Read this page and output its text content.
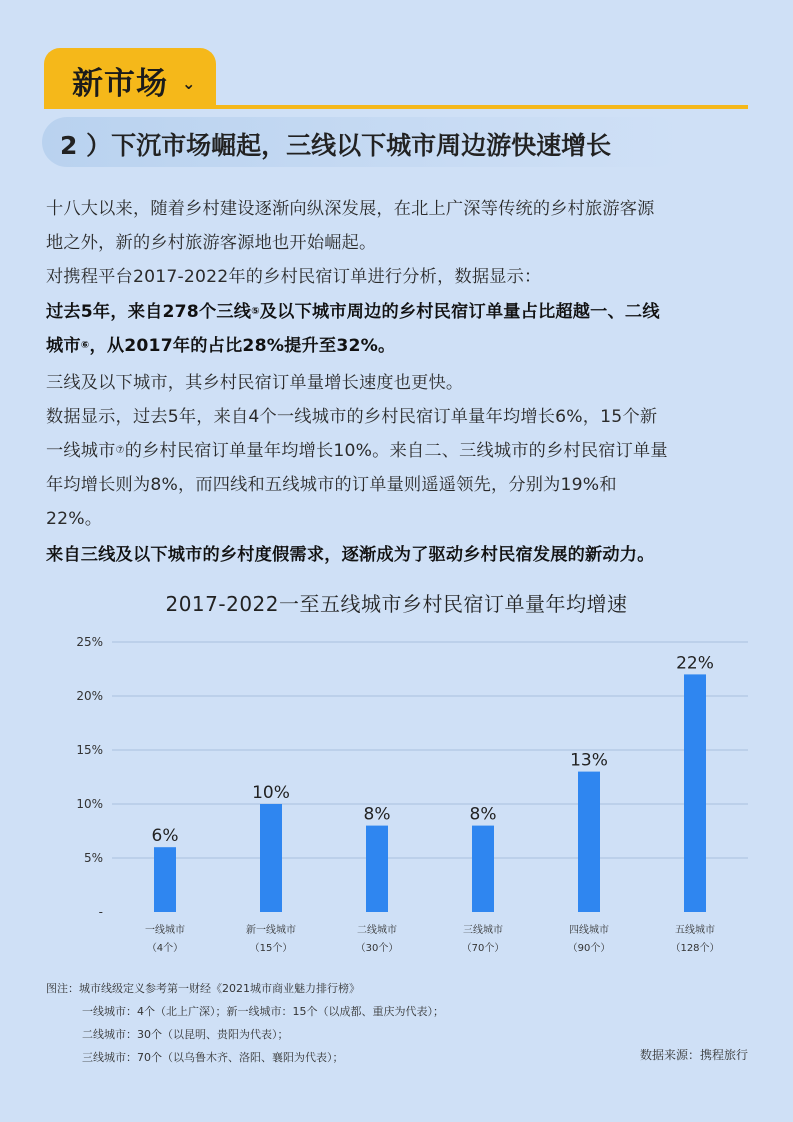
新市场 ⌄
2 ）下沉市场崛起，三线以下城市周边游快速增长
十八大以来，随着乡村建设逐渐向纵深发展，在北上广深等传统的乡村旅游客源
地之外，新的乡村旅游客源地也开始崛起。
对携程平台2017-2022年的乡村民宿订单进行分析，数据显示：
过去5年，来自278个三线⑤及以下城市周边的乡村民宿订单量占比超越一、二线
城市⑥，从2017年的占比28%提升至32%。
三线及以下城市，其乡村民宿订单量增长速度也更快。
数据显示，过去5年，来自4个一线城市的乡村民宿订单量年均增长6%，15个新
一线城市⑦的乡村民宿订单量年均增长10%。来自二、三线城市的乡村民宿订单量
年均增长则为8%，而四线和五线城市的订单量则遥遥领先，分别为19%和
22%。
来自三线及以下城市的乡村度假需求，逐渐成为了驱动乡村民宿发展的新动力。
2017-2022一至五线城市乡村民宿订单量年均增速
-
5%
10%
15%
20%
25%
6%
一线城市
（4个）
10%
新一线城市
（15个）
8%
二线城市
（30个）
8%
三线城市
（70个）
13%
四线城市
（90个）
22%
五线城市
（128个）
图注：城市线级定义参考第一财经《2021城市商业魅力排行榜》
一线城市：4个（北上广深）；新一线城市：15个（以成都、重庆为代表）；
二线城市：30个（以昆明、贵阳为代表）；
三线城市：70个（以乌鲁木齐、洛阳、襄阳为代表）；	数据来源：携程旅行
